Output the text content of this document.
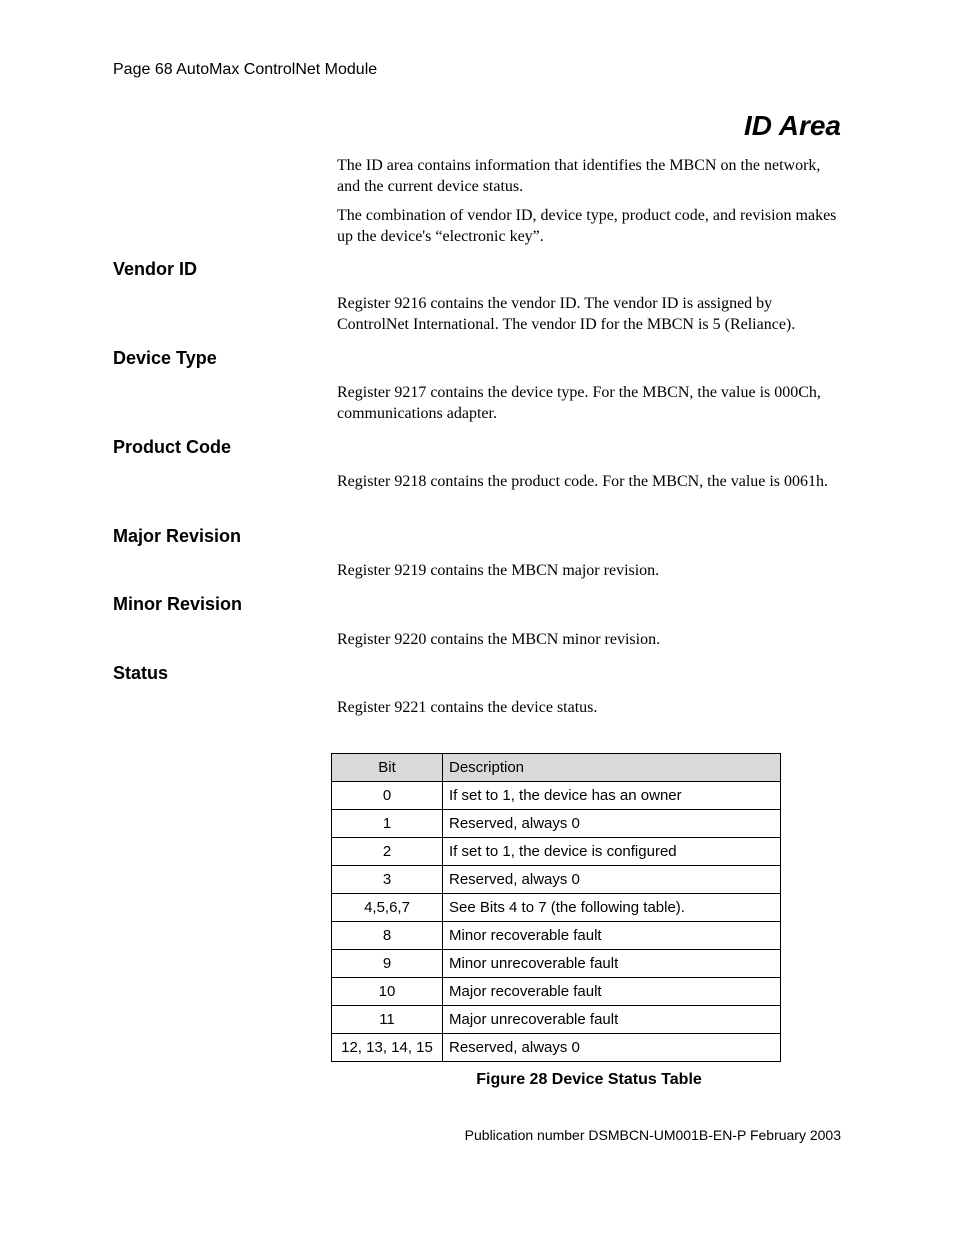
Page 68 AutoMax ControlNet Module
ID Area
The ID area contains information that identifies the MBCN on the network, and the current device status.
The combination of vendor ID, device type, product code, and revision makes up the device's “electronic key”.
Vendor ID
Register 9216 contains the vendor ID. The vendor ID is assigned by ControlNet International. The vendor ID for the MBCN is 5 (Reliance).
Device Type
Register 9217 contains the device type. For the MBCN, the value is 000Ch, communications adapter.
Product Code
Register 9218 contains the product code. For the MBCN, the value is 0061h.
Major Revision
Register 9219 contains the MBCN major revision.
Minor Revision
Register 9220 contains the MBCN minor revision.
Status
Register 9221 contains the device status.
Bit	Description
0	If set to 1, the device has an owner
1	Reserved, always 0
2	If set to 1, the device is configured
3	Reserved, always 0
4,5,6,7	See Bits 4 to 7 (the following table).
8	Minor recoverable fault
9	Minor unrecoverable fault
10	Major recoverable fault
11	Major unrecoverable fault
12, 13, 14, 15	Reserved, always 0
Figure 28 Device Status Table
Publication number DSMBCN-UM001B-EN-P February 2003
